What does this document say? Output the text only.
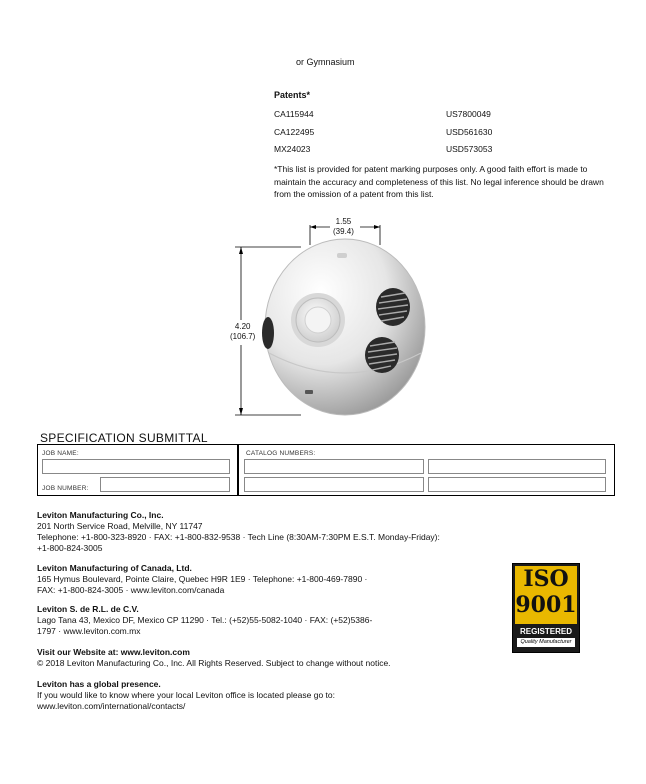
or Gymnasium
Patents*
CA115944
CA122495
MX24023
US7800049
USD561630
USD573053
*This list is provided for patent marking purposes only. A good faith effort is made to maintain the accuracy and completeness of this list. No legal inference should be drawn from the omission of a patent from this list.
1.55
(39.4)
4.20
(106.7)
SPECIFICATION SUBMITTAL
JOB NAME:
JOB NUMBER:
CATALOG NUMBERS:
Leviton Manufacturing Co., Inc.
201 North Service Road, Melville, NY 11747
Telephone: +1-800-323-8920 · FAX: +1-800-832-9538 · Tech Line (8:30AM-7:30PM E.S.T. Monday-Friday):
+1-800-824-3005
Leviton Manufacturing of Canada, Ltd.
165 Hymus Boulevard, Pointe Claire, Quebec H9R 1E9 · Telephone: +1-800-469-7890 ·
FAX: +1-800-824-3005 · www.leviton.com/canada
Leviton S. de R.L. de C.V.
Lago Tana 43, Mexico DF, Mexico CP 11290 · Tel.: (+52)55-5082-1040 · FAX: (+52)5386-
1797 · www.leviton.com.mx
Visit our Website at: www.leviton.com
© 2018 Leviton Manufacturing Co., Inc. All Rights Reserved. Subject to change without notice.
Leviton has a global presence.
If you would like to know where your local Leviton office is located please go to:
www.leviton.com/international/contacts/
ISO
9001
REGISTERED
Quality Manufacturer
